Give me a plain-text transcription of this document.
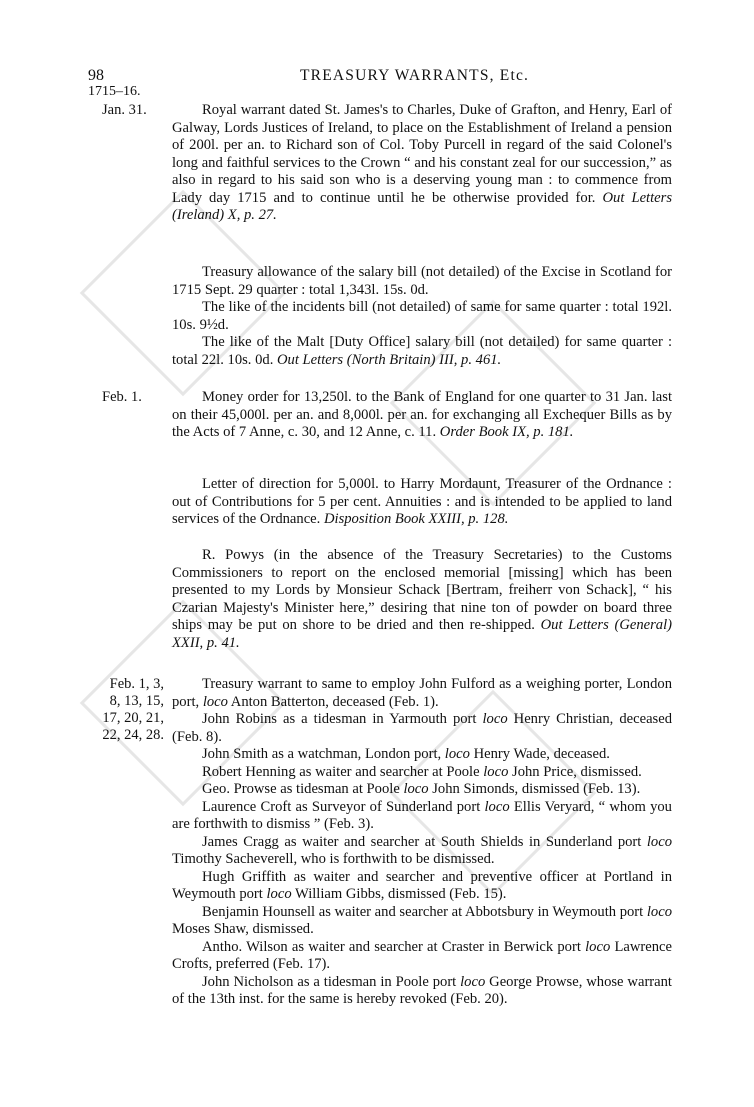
98	TREASURY WARRANTS, Etc.
1715–16.
Jan. 31.
Feb. 1.
Feb. 1, 3,
8, 13, 15,
17, 20, 21,
22, 24, 28.

Royal warrant dated St. James's to Charles, Duke of Grafton, and Henry, Earl of Galway, Lords Justices of Ireland, to place on the Establishment of Ireland a pension of 200l. per an. to Richard son of Col. Toby Purcell in regard of the said Colonel's long and faithful services to the Crown “ and his constant zeal for our succession,” as also in regard to his said son who is a deserving young man : to commence from Lady day 1715 and to continue until he be otherwise provided for. Out Letters (Ireland) X, p. 27.

Treasury allowance of the salary bill (not detailed) of the Excise in Scotland for 1715 Sept. 29 quarter : total 1,343l. 15s. 0d.

The like of the incidents bill (not detailed) of same for same quarter : total 192l. 10s. 9½d.

The like of the Malt [Duty Office] salary bill (not detailed) for same quarter : total 22l. 10s. 0d. Out Letters (North Britain) III, p. 461.

Money order for 13,250l. to the Bank of England for one quarter to 31 Jan. last on their 45,000l. per an. and 8,000l. per an. for exchanging all Exchequer Bills as by the Acts of 7 Anne, c. 30, and 12 Anne, c. 11. Order Book IX, p. 181.

Letter of direction for 5,000l. to Harry Mordaunt, Treasurer of the Ordnance : out of Contributions for 5 per cent. Annuities : and is intended to be applied to land services of the Ordnance. Disposition Book XXIII, p. 128.

R. Powys (in the absence of the Treasury Secretaries) to the Customs Commissioners to report on the enclosed memorial [missing] which has been presented to my Lords by Monsieur Schack [Bertram, freiherr von Schack], “ his Czarian Majesty's Minister here,” desiring that nine ton of powder on board three ships may be put on shore to be dried and then re-shipped. Out Letters (General) XXII, p. 41.

Treasury warrant to same to employ John Fulford as a weighing porter, London port, loco Anton Batterton, deceased (Feb. 1).

John Robins as a tidesman in Yarmouth port loco Henry Christian, deceased (Feb. 8).

John Smith as a watchman, London port, loco Henry Wade, deceased.

Robert Henning as waiter and searcher at Poole loco John Price, dismissed.

Geo. Prowse as tidesman at Poole loco John Simonds, dismissed (Feb. 13).

Laurence Croft as Surveyor of Sunderland port loco Ellis Veryard, “ whom you are forthwith to dismiss ” (Feb. 3).

James Cragg as waiter and searcher at South Shields in Sunderland port loco Timothy Sacheverell, who is forthwith to be dismissed.

Hugh Griffith as waiter and searcher and preventive officer at Portland in Weymouth port loco William Gibbs, dismissed (Feb. 15).

Benjamin Hounsell as waiter and searcher at Abbotsbury in Weymouth port loco Moses Shaw, dismissed.

Antho. Wilson as waiter and searcher at Craster in Berwick port loco Lawrence Crofts, preferred (Feb. 17).

John Nicholson as a tidesman in Poole port loco George Prowse, whose warrant of the 13th inst. for the same is hereby revoked (Feb. 20).
